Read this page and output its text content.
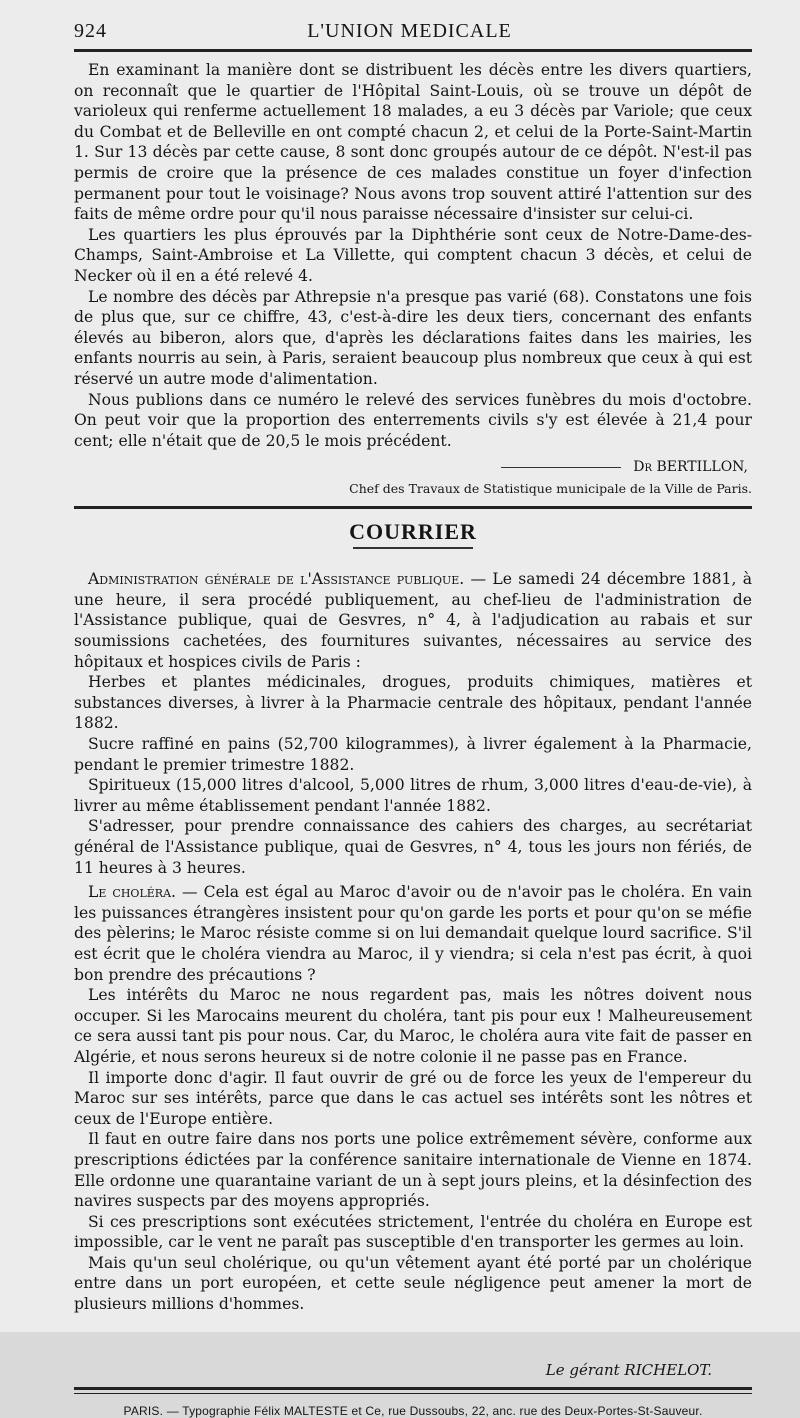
924	L'UNION MEDICALE

En examinant la manière dont se distribuent les décès entre les divers quartiers, on reconnaît que le quartier de l'Hôpital Saint-Louis, où se trouve un dépôt de varioleux qui renferme actuellement 18 malades, a eu 3 décès par Variole; que ceux du Combat et de Belleville en ont compté chacun 2, et celui de la Porte-Saint-Martin 1. Sur 13 décès par cette cause, 8 sont donc groupés autour de ce dépôt. N'est-il pas permis de croire que la présence de ces malades constitue un foyer d'infection permanent pour tout le voisinage? Nous avons trop souvent attiré l'attention sur des faits de même ordre pour qu'il nous paraisse nécessaire d'insister sur celui-ci.

Les quartiers les plus éprouvés par la Diphthérie sont ceux de Notre-Dame-des-Champs, Saint-Ambroise et La Villette, qui comptent chacun 3 décès, et celui de Necker où il en a été relevé 4.

Le nombre des décès par Athrepsie n'a presque pas varié (68). Constatons une fois de plus que, sur ce chiffre, 43, c'est-à-dire les deux tiers, concernant des enfants élevés au biberon, alors que, d'après les déclarations faites dans les mairies, les enfants nourris au sein, à Paris, seraient beaucoup plus nombreux que ceux à qui est réservé un autre mode d'alimentation.

Nous publions dans ce numéro le relevé des services funèbres du mois d'octobre. On peut voir que la proportion des enterrements civils s'y est élevée à 21,4 pour cent; elle n'était que de 20,5 le mois précédent.

Dr BERTILLON,
Chef des Travaux de Statistique municipale de la Ville de Paris.
COURRIER

Administration générale de l'Assistance publique. — Le samedi 24 décembre 1881, à une heure, il sera procédé publiquement, au chef-lieu de l'administration de l'Assistance publique, quai de Gesvres, n° 4, à l'adjudication au rabais et sur soumissions cachetées, des fournitures suivantes, nécessaires au service des hôpitaux et hospices civils de Paris :

Herbes et plantes médicinales, drogues, produits chimiques, matières et substances diverses, à livrer à la Pharmacie centrale des hôpitaux, pendant l'année 1882.

Sucre raffiné en pains (52,700 kilogrammes), à livrer également à la Pharmacie, pendant le premier trimestre 1882.

Spiritueux (15,000 litres d'alcool, 5,000 litres de rhum, 3,000 litres d'eau-de-vie), à livrer au même établissement pendant l'année 1882.

S'adresser, pour prendre connaissance des cahiers des charges, au secrétariat général de l'Assistance publique, quai de Gesvres, n° 4, tous les jours non fériés, de 11 heures à 3 heures.

Le choléra. — Cela est égal au Maroc d'avoir ou de n'avoir pas le choléra. En vain les puissances étrangères insistent pour qu'on garde les ports et pour qu'on se méfie des pèlerins; le Maroc résiste comme si on lui demandait quelque lourd sacrifice. S'il est écrit que le choléra viendra au Maroc, il y viendra; si cela n'est pas écrit, à quoi bon prendre des précautions ?

Les intérêts du Maroc ne nous regardent pas, mais les nôtres doivent nous occuper. Si les Marocains meurent du choléra, tant pis pour eux ! Malheureusement ce sera aussi tant pis pour nous. Car, du Maroc, le choléra aura vite fait de passer en Algérie, et nous serons heureux si de notre colonie il ne passe pas en France.

Il importe donc d'agir. Il faut ouvrir de gré ou de force les yeux de l'empereur du Maroc sur ses intérêts, parce que dans le cas actuel ses intérêts sont les nôtres et ceux de l'Europe entière.

Il faut en outre faire dans nos ports une police extrêmement sévère, conforme aux prescriptions édictées par la conférence sanitaire internationale de Vienne en 1874. Elle ordonne une quarantaine variant de un à sept jours pleins, et la désinfection des navires suspects par des moyens appropriés.

Si ces prescriptions sont exécutées strictement, l'entrée du choléra en Europe est impossible, car le vent ne paraît pas susceptible d'en transporter les germes au loin.

Mais qu'un seul cholérique, ou qu'un vêtement ayant été porté par un cholérique entre dans un port européen, et cette seule négligence peut amener la mort de plusieurs millions d'hommes.

Le gérant RICHELOT.
PARIS. — Typographie Félix MALTESTE et Ce, rue Dussoubs, 22, anc. rue des Deux-Portes-St-Sauveur.
